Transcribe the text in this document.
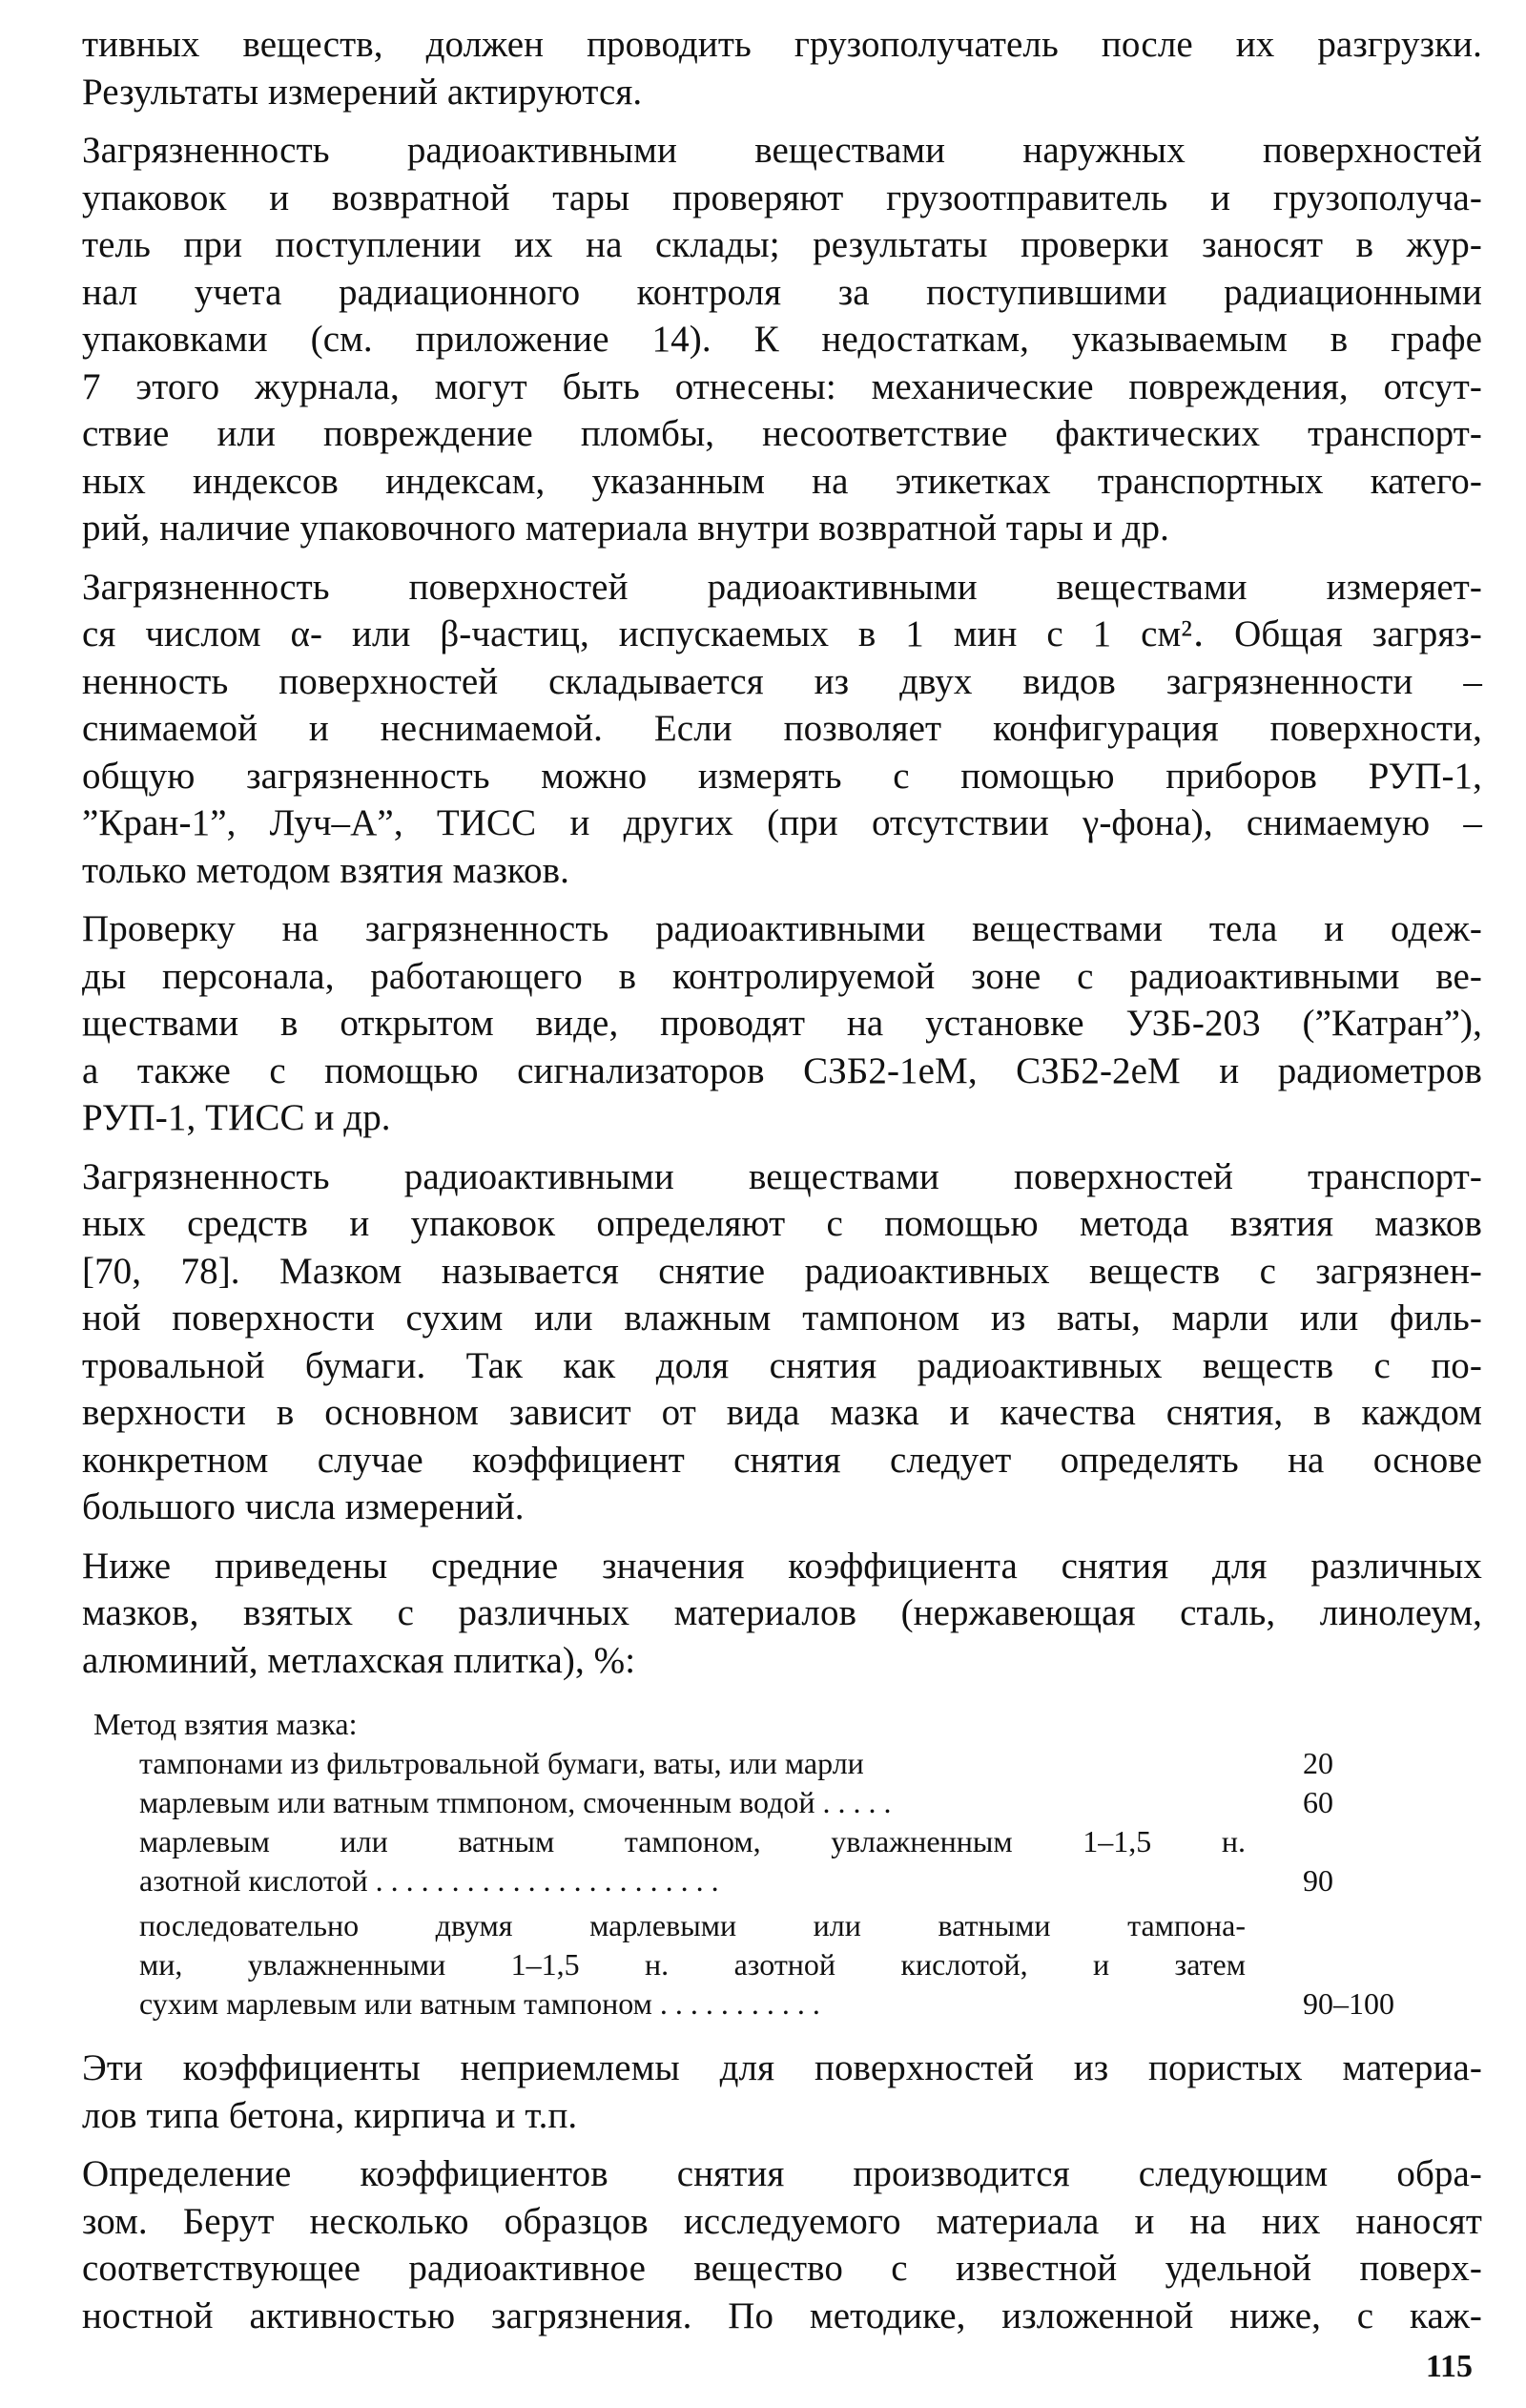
тивных веществ, должен проводить грузополучатель после их разгрузки.
Результаты измерений актируются.
Загрязненность радиоактивными веществами наружных поверхностей
упаковок и возвратной тары проверяют грузоотправитель и грузополуча-
тель при поступлении их на склады; результаты проверки заносят в жур-
нал учета радиационного контроля за поступившими радиационными
упаковками (см. приложение 14). К недостаткам, указываемым в графе
7 этого журнала, могут быть отнесены: механические повреждения, отсут-
ствие или повреждение пломбы, несоответствие фактических транспорт-
ных индексов индексам, указанным на этикетках транспортных катего-
рий, наличие упаковочного материала внутри возвратной тары и др.
Загрязненность поверхностей радиоактивными веществами измеряет-
ся числом α- или β-частиц, испускаемых в 1 мин с 1 см²․ Общая загряз-
ненность поверхностей складывается из двух видов загрязненности –
снимаемой и неснимаемой. Если позволяет конфигурация поверхности,
общую загрязненность можно измерять с помощью приборов РУП-1,
”Кран-1”, Луч–А”, ТИСС и других (при отсутствии γ-фона), снимаемую –
только методом взятия мазков.
Проверку на загрязненность радиоактивными веществами тела и одеж-
ды персонала, работающего в контролируемой зоне с радиоактивными ве-
ществами в открытом виде, проводят на установке УЗБ-203 (”Катран”),
а также с помощью сигнализаторов СЗБ2-1еМ, СЗБ2-2еМ и радиометров
РУП-1, ТИСС и др.
Загрязненность радиоактивными веществами поверхностей транспорт-
ных средств и упаковок определяют с помощью метода взятия мазков
[70, 78]. Мазком называется снятие радиоактивных веществ с загрязнен-
ной поверхности сухим или влажным тампоном из ваты, марли или филь-
тровальной бумаги. Так как доля снятия радиоактивных веществ с по-
верхности в основном зависит от вида мазка и качества снятия, в каждом
конкретном случае коэффициент снятия следует определять на основе
большого числа измерений.
Ниже приведены средние значения коэффициента снятия для различных
мазков, взятых с различных материалов (нержавеющая сталь, линолеум,
алюминий, метлахская плитка), %:
Метод взятия мазка:
тампонами из фильтровальной бумаги, ваты, или марли	20
марлевым или ватным тпмпоном, смоченным водой . . . . .	60
марлевым или ватным тампоном, увлажненным 1–1,5 н.
азотной кислотой . . . . . . . . . . . . . . . . . . . . . . .	90
последовательно двумя марлевыми или ватными тампона-
ми, увлажненными 1–1,5 н. азотной кислотой, и затем
сухим марлевым или ватным тампоном . . . . . . . . . . .	90–100
Эти коэффициенты неприемлемы для поверхностей из пористых материа-
лов типа бетона, кирпича и т.п.
Определение коэффициентов снятия производится следующим обра-
зом. Берут несколько образцов исследуемого материала и на них наносят
соответствующее радиоактивное вещество с известной удельной поверх-
ностной активностью загрязнения. По методике, изложенной ниже, с каж-
115
